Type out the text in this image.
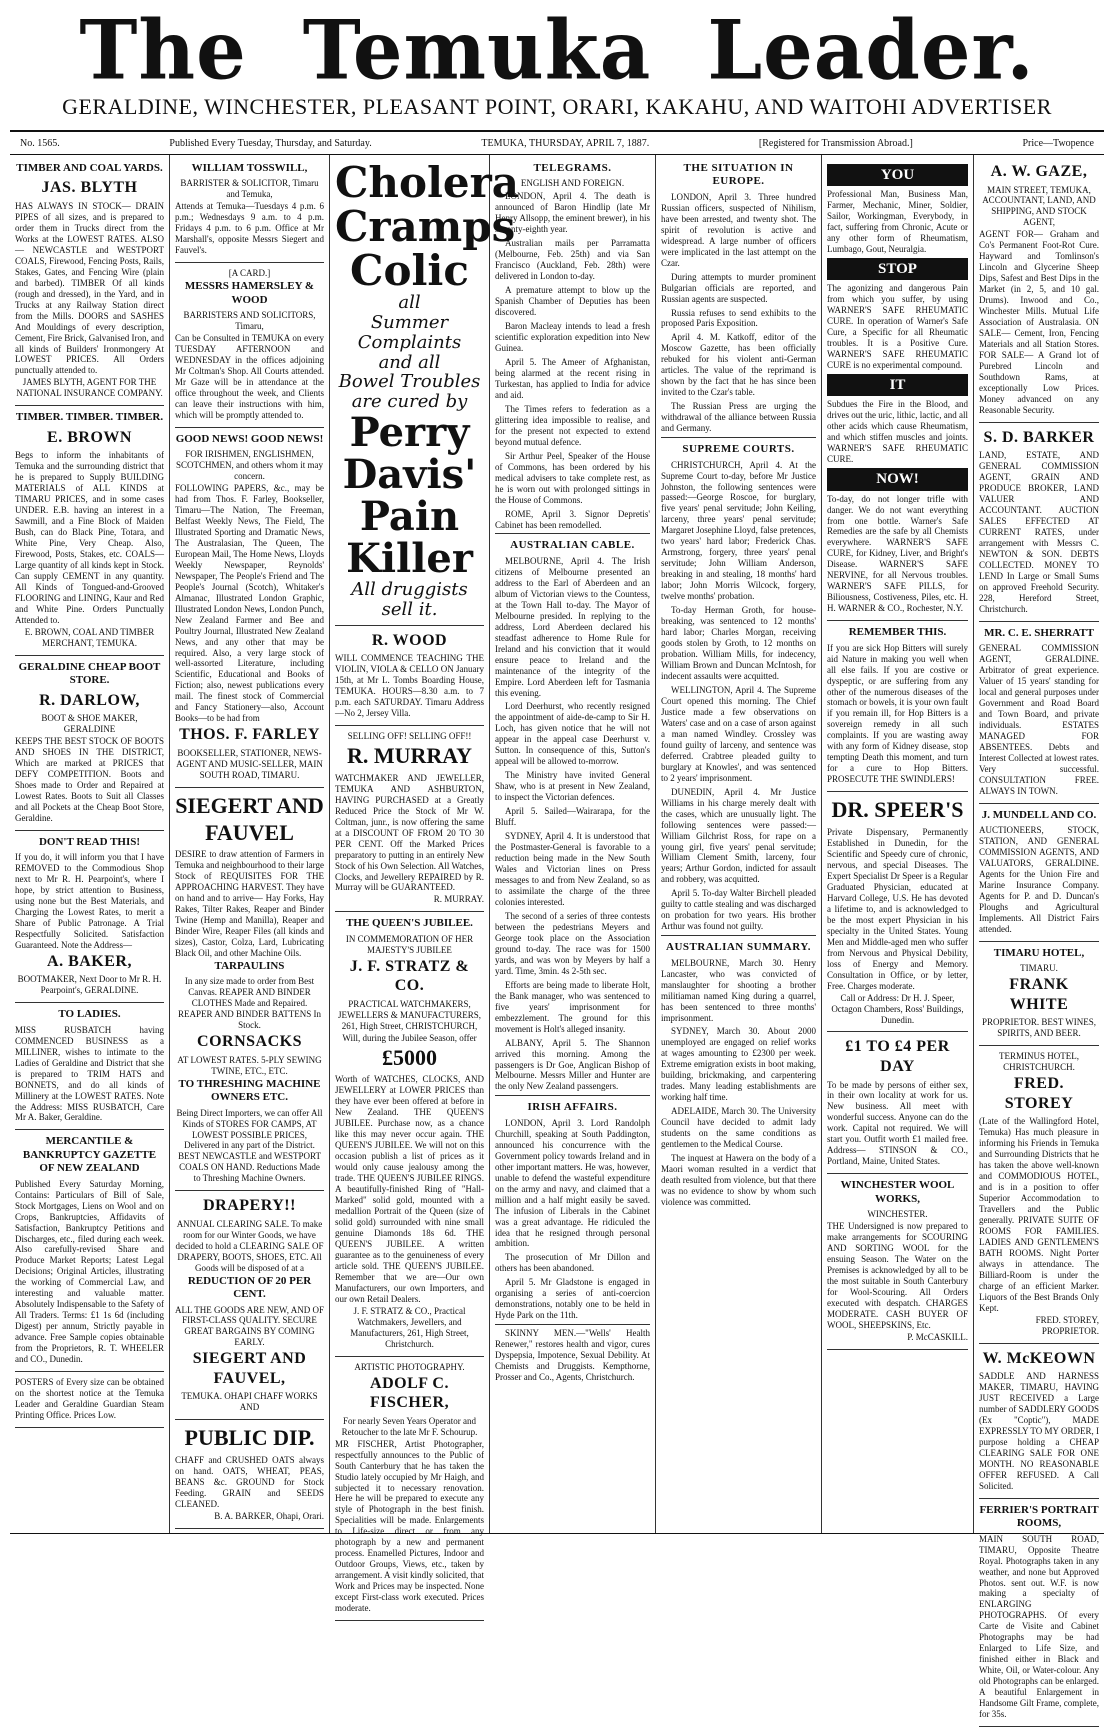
The Temuka Leader.
GERALDINE, WINCHESTER, PLEASANT POINT, ORARI, KAKAHU, AND WAITOHI ADVERTISER
No. 1565.	Published Every Tuesday, Thursday, and Saturday.	TEMUKA, THURSDAY, APRIL 7, 1887.	[Registered for Transmission Abroad.]	Price—Twopence
TIMBER AND COAL YARDS.
JAS. BLYTH
HAS ALWAYS IN STOCK— DRAIN PIPES of all sizes, and is prepared to order them in Trucks direct from the Works at the LOWEST RATES. ALSO— NEWCASTLE and WESTPORT COALS, Firewood, Fencing Posts, Rails, Stakes, Gates, and Fencing Wire (plain and barbed). TIMBER Of all kinds (rough and dressed), in the Yard, and in Trucks at any Railway Station direct from the Mills. DOORS and SASHES And Mouldings of every description, Cement, Fire Brick, Galvanised Iron, and all kinds of Builders' Ironmongery At LOWEST PRICES. All Orders punctually attended to.
JAMES BLYTH, AGENT FOR THE NATIONAL INSURANCE COMPANY.
TIMBER. TIMBER. TIMBER.
E. BROWN
Begs to inform the inhabitants of Temuka and the surrounding district that he is prepared to Supply BUILDING MATERIALS of ALL KINDS at TIMARU PRICES, and in some cases UNDER. E.B. having an interest in a Sawmill, and a Fine Block of Maiden Bush, can do Black Pine, Totara, and White Pine, Very Cheap. Also, Firewood, Posts, Stakes, etc. COALS—Large quantity of all kinds kept in Stock. Can supply CEMENT in any quantity. All Kinds of Tongued-and-Grooved FLOORING and LINING, Kaur and Red and White Pine. Orders Punctually Attended to.
E. BROWN, COAL AND TIMBER MERCHANT, TEMUKA.
GERALDINE CHEAP BOOT STORE.
R. DARLOW,
BOOT & SHOE MAKER, GERALDINE
KEEPS THE BEST STOCK OF BOOTS AND SHOES IN THE DISTRICT, Which are marked at PRICES that DEFY COMPETITION. Boots and Shoes made to Order and Repaired at Lowest Rates. Boots to Suit all Classes and all Pockets at the Cheap Boot Store, Geraldine.
DON'T READ THIS!
If you do, it will inform you that I have REMOVED to the Commodious Shop next to Mr R. H. Pearpoint's, where I hope, by strict attention to Business, using none but the Best Materials, and Charging the Lowest Rates, to merit a Share of Public Patronage. A Trial Respectfully Solicited. Satisfaction Guaranteed. Note the Address—
A. BAKER,
BOOTMAKER, Next Door to Mr R. H. Pearpoint's, GERALDINE.
TO LADIES.
MISS RUSBATCH having COMMENCED BUSINESS as a MILLINER, wishes to intimate to the Ladies of Geraldine and District that she is prepared to TRIM HATS and BONNETS, and do all kinds of Millinery at the LOWEST RATES. Note the Address: MISS RUSBATCH, Care Mr A. Baker, Geraldine.
MERCANTILE & BANKRUPTCY GAZETTE OF NEW ZEALAND
Published Every Saturday Morning, Contains: Particulars of Bill of Sale, Stock Mortgages, Liens on Wool and on Crops, Bankruptcies, Affidavits of Satisfaction, Bankruptcy Petitions and Discharges, etc., filed during each week. Also carefully-revised Share and Produce Market Reports; Latest Legal Decisions; Original Articles, illustrating the working of Commercial Law, and interesting and valuable matter. Absolutely Indispensable to the Safety of All Traders. Terms: £1 1s 6d (including Digest) per annum, Strictly payable in advance. Free Sample copies obtainable from the Proprietors, R. T. WHEELER and CO., Dunedin.
POSTERS of Every size can be obtained on the shortest notice at the Temuka Leader and Geraldine Guardian Steam Printing Office. Prices Low.
WILLIAM TOSSWILL,
BARRISTER & SOLICITOR, Timaru and Temuka,
Attends at Temuka—Tuesdays 4 p.m. 6 p.m.; Wednesdays 9 a.m. to 4 p.m. Fridays 4 p.m. to 6 p.m. Office at Mr Marshall's, opposite Messrs Siegert and Fauvel's.
[A CARD.]
MESSRS HAMERSLEY & WOOD
BARRISTERS AND SOLICITORS, Timaru,
Can be Consulted in TEMUKA on every TUESDAY AFTERNOON and WEDNESDAY in the offices adjoining Mr Coltman's Shop. All Courts attended. Mr Gaze will be in attendance at the office throughout the week, and Clients can leave their instructions with him, which will be promptly attended to.
GOOD NEWS! GOOD NEWS!
FOR IRISHMEN, ENGLISHMEN, SCOTCHMEN, and others whom it may concern.
FOLLOWING PAPERS, &c., may be had from Thos. F. Farley, Bookseller, Timaru—The Nation, The Freeman, Belfast Weekly News, The Field, The Illustrated Sporting and Dramatic News, The Australasian, The Queen, The European Mail, The Home News, Lloyds Weekly Newspaper, Reynolds' Newspaper, The People's Friend and The People's Journal (Scotch), Whitaker's Almanac, Illustrated London Graphic, Illustrated London News, London Punch, New Zealand Farmer and Bee and Poultry Journal, Illustrated New Zealand News, and any other that may be required. Also, a very large stock of well-assorted Literature, including Scientific, Educational and Books of Fiction; also, newest publications every mail. The finest stock of Commercial and Fancy Stationery—also, Account Books—to be had from
THOS. F. FARLEY
BOOKSELLER, STATIONER, NEWS-AGENT AND MUSIC-SELLER, MAIN SOUTH ROAD, TIMARU.
SIEGERT AND FAUVEL
DESIRE to draw attention of Farmers in Temuka and neighbourhood to their large Stock of REQUISITES FOR THE APPROACHING HARVEST. They have on hand and to arrive— Hay Forks, Hay Rakes, Tilter Rakes, Reaper and Binder Twine (Hemp and Manilla), Reaper and Binder Wire, Reaper Files (all kinds and sizes), Castor, Colza, Lard, Lubricating Black Oil, and other Machine Oils.
TARPAULINS
In any size made to order from Best Canvas. REAPER AND BINDER CLOTHES Made and Repaired. REAPER AND BINDER BATTENS In Stock.
CORNSACKS
AT LOWEST RATES. 5-PLY SEWING TWINE, ETC., ETC.
TO THRESHING MACHINE OWNERS ETC.
Being Direct Importers, we can offer All Kinds of STORES FOR CAMPS, AT LOWEST POSSIBLE PRICES, Delivered in any part of the District. BEST NEWCASTLE and WESTPORT COALS ON HAND. Reductions Made to Threshing Machine Owners.
DRAPERY!!
ANNUAL CLEARING SALE. To make room for our Winter Goods, we have decided to hold a CLEARING SALE OF DRAPERY, BOOTS, SHOES, ETC. All Goods will be disposed of at a
REDUCTION OF 20 PER CENT.
ALL THE GOODS ARE NEW, AND OF FIRST-CLASS QUALITY. SECURE GREAT BARGAINS BY COMING EARLY.
SIEGERT AND FAUVEL,
TEMUKA. OHAPI CHAFF WORKS AND
PUBLIC DIP.
CHAFF and CRUSHED OATS always on hand. OATS, WHEAT, PEAS, BEANS &c. GROUND for Stock Feeding. GRAIN and SEEDS CLEANED.
B. A. BARKER, Ohapi, Orari.
Cholera
Cramps
Colic
all
Summer Complaints
and all
Bowel Troubles
are cured by
Perry Davis'
Pain
Killer
All druggists sell it.
R. WOOD
WILL COMMENCE TEACHING THE VIOLIN, VIOLA & CELLO ON January 15th, at Mr L. Tombs Boarding House, TEMUKA. HOURS—8.30 a.m. to 7 p.m. each SATURDAY. Timaru Address—No 2, Jersey Villa.
SELLING OFF! SELLING OFF!!
R. MURRAY
WATCHMAKER AND JEWELLER, TEMUKA AND ASHBURTON, HAVING PURCHASED at a Greatly Reduced Price the Stock of Mr W. Coltman, junr., is now offering the same at a DISCOUNT OF FROM 20 TO 30 PER CENT. Off the Marked Prices preparatory to putting in an entirely New Stock of his Own Selection. All Watches, Clocks, and Jewellery REPAIRED by R. Murray will be GUARANTEED.
R. MURRAY.
THE QUEEN'S JUBILEE.
IN COMMEMORATION OF HER MAJESTY'S JUBILEE
J. F. STRATZ & CO.
PRACTICAL WATCHMAKERS, JEWELLERS & MANUFACTURERS, 261, High Street, CHRISTCHURCH,
Will, during the Jubilee Season, offer
£5000
Worth of WATCHES, CLOCKS, AND JEWELLERY at LOWER PRICES than they have ever been offered at before in New Zealand. THE QUEEN'S JUBILEE. Purchase now, as a chance like this may never occur again. THE QUEEN'S JUBILEE. We will not on this occasion publish a list of prices as it would only cause jealousy among the trade. THE QUEEN'S JUBILEE RINGS. A beautifully-finished Ring of "Hall-Marked" solid gold, mounted with a medallion Portrait of the Queen (size of solid gold) surrounded with nine small genuine Diamonds 18s 6d. THE QUEEN'S JUBILEE. A written guarantee as to the genuineness of every article sold. THE QUEEN'S JUBILEE. Remember that we are—Our own Manufacturers, our own Importers, and our own Retail Dealers.
J. F. STRATZ & CO., Practical Watchmakers, Jewellers, and Manufacturers, 261, High Street, Christchurch.
ARTISTIC PHOTOGRAPHY.
ADOLF C. FISCHER,
For nearly Seven Years Operator and Retoucher to the late Mr F. Schourup.
MR FISCHER, Artist Photographer, respectfully announces to the Public of South Canterbury that he has taken the Studio lately occupied by Mr Haigh, and subjected it to necessary renovation. Here he will be prepared to execute any style of Photograph in the best finish. Specialities will be made. Enlargements to Life-size direct or from any photograph by a new and permanent process. Enamelled Pictures, Indoor and Outdoor Groups, Views, etc., taken by arrangement. A visit kindly solicited, that Work and Prices may be inspected. None except First-class work executed. Prices moderate.
TELEGRAMS.
ENGLISH AND FOREIGN.

LONDON, April 4. The death is announced of Baron Hindlip (late Mr Henry Allsopp, the eminent brewer), in his seventy-eighth year.

Australian mails per Parramatta (Melbourne, Feb. 25th) and via San Francisco (Auckland, Feb. 28th) were delivered in London to-day.

A premature attempt to blow up the Spanish Chamber of Deputies has been discovered.

Baron Macleay intends to lead a fresh scientific exploration expedition into New Guinea.

April 5. The Ameer of Afghanistan, being alarmed at the recent rising in Turkestan, has applied to India for advice and aid.

The Times refers to federation as a glittering idea impossible to realise, and for the present not expected to extend beyond mutual defence.

Sir Arthur Peel, Speaker of the House of Commons, has been ordered by his medical advisers to take complete rest, as he is worn out with prolonged sittings in the House of Commons.

ROME, April 3. Signor Depretis' Cabinet has been remodelled.

AUSTRALIAN CABLE.

MELBOURNE, April 4. The Irish citizens of Melbourne presented an address to the Earl of Aberdeen and an album of Victorian views to the Countess, at the Town Hall to-day. The Mayor of Melbourne presided. In replying to the address, Lord Aberdeen declared his steadfast adherence to Home Rule for Ireland and his conviction that it would ensure peace to Ireland and the maintenance of the integrity of the Empire. Lord Aberdeen left for Tasmania this evening.

Lord Deerhurst, who recently resigned the appointment of aide-de-camp to Sir H. Loch, has given notice that he will not appear in the appeal case Deerhurst v. Sutton. In consequence of this, Sutton's appeal will be allowed to-morrow.

The Ministry have invited General Shaw, who is at present in New Zealand, to inspect the Victorian defences.

April 5. Sailed—Wairarapa, for the Bluff.

SYDNEY, April 4. It is understood that the Postmaster-General is favorable to a reduction being made in the New South Wales and Victorian lines on Press messages to and from New Zealand, so as to assimilate the charge of the three colonies interested.

The second of a series of three contests between the pedestrians Meyers and George took place on the Association ground to-day. The race was for 1500 yards, and was won by Meyers by half a yard. Time, 3min. 4s 2-5th sec.

Efforts are being made to liberate Holt, the Bank manager, who was sentenced to five years' imprisonment for embezzlement. The ground for this movement is Holt's alleged insanity.

ALBANY, April 5. The Shannon arrived this morning. Among the passengers is Dr Goe, Anglican Bishop of Melbourne. Messrs Miller and Hunter are the only New Zealand passengers.

IRISH AFFAIRS.

LONDON, April 3. Lord Randolph Churchill, speaking at South Paddington, announced his concurrence with the Government policy towards Ireland and in other important matters. He was, however, unable to defend the wasteful expenditure on the army and navy, and claimed that a million and a half might easily be saved. The infusion of Liberals in the Cabinet was a great advantage. He ridiculed the idea that he resigned through personal ambition.

The prosecution of Mr Dillon and others has been abandoned.

April 5. Mr Gladstone is engaged in organising a series of anti-coercion demonstrations, notably one to be held in Hyde Park on the 11th.

SKINNY MEN.—"Wells' Health Renewer," restores health and vigor, cures Dyspepsia, Impotence, Sexual Debility. At Chemists and Druggists. Kempthorne, Prosser and Co., Agents, Christchurch.

THE SITUATION IN EUROPE.

LONDON, April 3. Three hundred Russian officers, suspected of Nihilism, have been arrested, and twenty shot. The spirit of revolution is active and widespread. A large number of officers were implicated in the last attempt on the Czar.

During attempts to murder prominent Bulgarian officials are reported, and Russian agents are suspected.

Russia refuses to send exhibits to the proposed Paris Exposition.

April 4. M. Katkoff, editor of the Moscow Gazette, has been officially rebuked for his violent anti-German articles. The value of the reprimand is shown by the fact that he has since been invited to the Czar's table.

The Russian Press are urging the withdrawal of the alliance between Russia and Germany.

SUPREME COURTS.

CHRISTCHURCH, April 4. At the Supreme Court to-day, before Mr Justice Johnston, the following sentences were passed:—George Roscoe, for burglary, five years' penal servitude; John Keiling, larceny, three years' penal servitude; Margaret Josephine Lloyd, false pretences, two years' hard labor; Frederick Chas. Armstrong, forgery, three years' penal servitude; John William Anderson, breaking in and stealing, 18 months' hard labor; John Morris Wilcock, forgery, twelve months' probation.

To-day Herman Groth, for house-breaking, was sentenced to 12 months' hard labor; Charles Morgan, receiving goods stolen by Groth, to 12 months on probation. William Mills, for indecency, William Brown and Duncan McIntosh, for indecent assaults were acquitted.

WELLINGTON, April 4. The Supreme Court opened this morning. The Chief Justice made a few observations on Waters' case and on a case of arson against a man named Windley. Crossley was found guilty of larceny, and sentence was deferred. Crabtree pleaded guilty to burglary at Knowles', and was sentenced to 2 years' imprisonment.

DUNEDIN, April 4. Mr Justice Williams in his charge merely dealt with the cases, which are unusually light. The following sentences were passed:—William Gilchrist Ross, for rape on a young girl, five years' penal servitude; William Clement Smith, larceny, four years; Arthur Gordon, indicted for assault and robbery, was acquitted.

April 5. To-day Walter Birchell pleaded guilty to cattle stealing and was discharged on probation for two years. His brother Arthur was found not guilty.

AUSTRALIAN SUMMARY.

MELBOURNE, March 30. Henry Lancaster, who was convicted of manslaughter for shooting a brother militiaman named King during a quarrel, has been sentenced to three months' imprisonment.

SYDNEY, March 30. About 2000 unemployed are engaged on relief works at wages amounting to £2300 per week. Extreme emigration exists in boot making, building, brickmaking, and carpentering trades. Many leading establishments are working half time.

ADELAIDE, March 30. The University Council have decided to admit lady students on the same conditions as gentlemen to the Medical Course.

The inquest at Hawera on the body of a Maori woman resulted in a verdict that death resulted from violence, but that there was no evidence to show by whom such violence was committed.

YOU
Professional Man, Business Man, Farmer, Mechanic, Miner, Soldier, Sailor, Workingman, Everybody, in fact, suffering from Chronic, Acute or any other form of Rheumatism, Lumbago, Gout, Neuralgia.
STOP
The agonizing and dangerous Pain from which you suffer, by using WARNER'S SAFE RHEUMATIC CURE. In operation of Warner's Safe Cure, a Specific for all Rheumatic troubles. It is a Positive Cure. WARNER'S SAFE RHEUMATIC CURE is no experimental compound.
IT
Subdues the Fire in the Blood, and drives out the uric, lithic, lactic, and all other acids which cause Rheumatism, and which stiffen muscles and joints. WARNER'S SAFE RHEUMATIC CURE.
NOW!
To-day, do not longer trifle with danger. We do not want everything from one bottle. Warner's Safe Remedies are the safe by all Chemists everywhere. WARNER'S SAFE CURE, for Kidney, Liver, and Bright's Disease. WARNER'S SAFE NERVINE, for all Nervous troubles. WARNER'S SAFE PILLS, for Biliousness, Costiveness, Piles, etc. H. H. WARNER & CO., Rochester, N.Y.
REMEMBER THIS.
If you are sick Hop Bitters will surely aid Nature in making you well when all else fails. If you are costive or dyspeptic, or are suffering from any other of the numerous diseases of the stomach or bowels, it is your own fault if you remain ill, for Hop Bitters is a sovereign remedy in all such complaints. If you are wasting away with any form of Kidney disease, stop tempting Death this moment, and turn for a cure to Hop Bitters. PROSECUTE THE SWINDLERS!
DR. SPEER'S
Private Dispensary, Permanently Established in Dunedin, for the Scientific and Speedy cure of chronic, nervous, and special Diseases. The Expert Specialist Dr Speer is a Regular Graduated Physician, educated at Harvard College, U.S. He has devoted a lifetime to, and is acknowledged to be the most expert Physician in his specialty in the United States. Young Men and Middle-aged men who suffer from Nervous and Physical Debility, loss of Energy and Memory. Consultation in Office, or by letter, Free. Charges moderate.
Call or Address: Dr H. J. Speer, Octagon Chambers, Ross' Buildings, Dunedin.
£1 TO £4 PER DAY
To be made by persons of either sex, in their own locality at work for us. New business. All meet with wonderful success. Anyone can do the work. Capital not required. We will start you. Outfit worth £1 mailed free. Address— STINSON & CO., Portland, Maine, United States.
WINCHESTER WOOL WORKS,
WINCHESTER.
THE Undersigned is now prepared to make arrangements for SCOURING AND SORTING WOOL for the ensuing Season. The Water on the Premises is acknowledged by all to be the most suitable in South Canterbury for Wool-Scouring. All Orders executed with despatch. CHARGES MODERATE. CASH BUYER OF WOOL, SHEEPSKINS, Etc.
P. McCASKILL.
A. W. GAZE,
MAIN STREET, TEMUKA, ACCOUNTANT, LAND, AND SHIPPING, AND STOCK AGENT,
AGENT FOR— Graham and Co's Permanent Foot-Rot Cure. Hayward and Tomlinson's Lincoln and Glycerine Sheep Dips, Safest and Best Dips in the Market (in 2, 5, and 10 gal. Drums). Inwood and Co., Winchester Mills. Mutual Life Association of Australasia. ON SALE— Cement, Iron, Fencing Materials and all Station Stores. FOR SALE— A Grand lot of Purebred Lincoln and Southdown Rams, at exceptionally Low Prices. Money advanced on any Reasonable Security.
S. D. BARKER
LAND, ESTATE, AND GENERAL COMMISSION AGENT, GRAIN AND PRODUCE BROKER, LAND VALUER AND ACCOUNTANT. AUCTION SALES EFFECTED AT CURRENT RATES, under arrangement with Messrs C. NEWTON & SON. DEBTS COLLECTED. MONEY TO LEND In Large or Small Sums on approved Freehold Security. 228, Hereford Street, Christchurch.
MR. C. E. SHERRATT
GENERAL COMMISSION AGENT, GERALDINE. Arbitrator of great experience. Valuer of 15 years' standing for local and general purposes under Government and Road Board and Town Board, and private individuals. ESTATES MANAGED FOR ABSENTEES. Debts and Interest Collected at lowest rates. Very successful. CONSULTATION FREE. ALWAYS IN TOWN.
J. MUNDELL AND CO.
AUCTIONEERS, STOCK, STATION, AND GENERAL COMMISSION AGENTS, AND VALUATORS, GERALDINE. Agents for the Union Fire and Marine Insurance Company. Agents for P. and D. Duncan's Ploughs and Agricultural Implements. All District Fairs attended.
TIMARU HOTEL,
TIMARU.
FRANK WHITE
PROPRIETOR. BEST WINES, SPIRITS, AND BEER.
TERMINUS HOTEL, CHRISTCHURCH.
FRED. STOREY
(Late of the Wallingford Hotel, Temuka) Has much pleasure in informing his Friends in Temuka and Surrounding Districts that he has taken the above well-known and COMMODIOUS HOTEL, and is in a position to offer Superior Accommodation to Travellers and the Public generally. PRIVATE SUITE OF ROOMS FOR FAMILIES. LADIES AND GENTLEMEN'S BATH ROOMS. Night Porter always in attendance. The Billiard-Room is under the charge of an efficient Marker. Liquors of the Best Brands Only Kept.
FRED. STOREY, PROPRIETOR.
W. McKEOWN
SADDLE AND HARNESS MAKER, TIMARU, HAVING JUST RECEIVED a Large number of SADDLERY GOODS (Ex "Coptic"), MADE EXPRESSLY TO MY ORDER, I purpose holding a CHEAP CLEARING SALE FOR ONE MONTH. NO REASONABLE OFFER REFUSED. A Call Solicited.
FERRIER'S PORTRAIT ROOMS,
MAIN SOUTH ROAD, TIMARU, Opposite Theatre Royal. Photographs taken in any weather, and none but Approved Photos. sent out. W.F. is now making a specialty of ENLARGING PHOTOGRAPHS. Of every Carte de Visite and Cabinet Photographs may be had Enlarged to Life Size, and finished either in Black and White, Oil, or Water-colour. Any old Photographs can be enlarged. A beautiful Enlargement in Handsome Gilt Frame, complete, for 35s.
